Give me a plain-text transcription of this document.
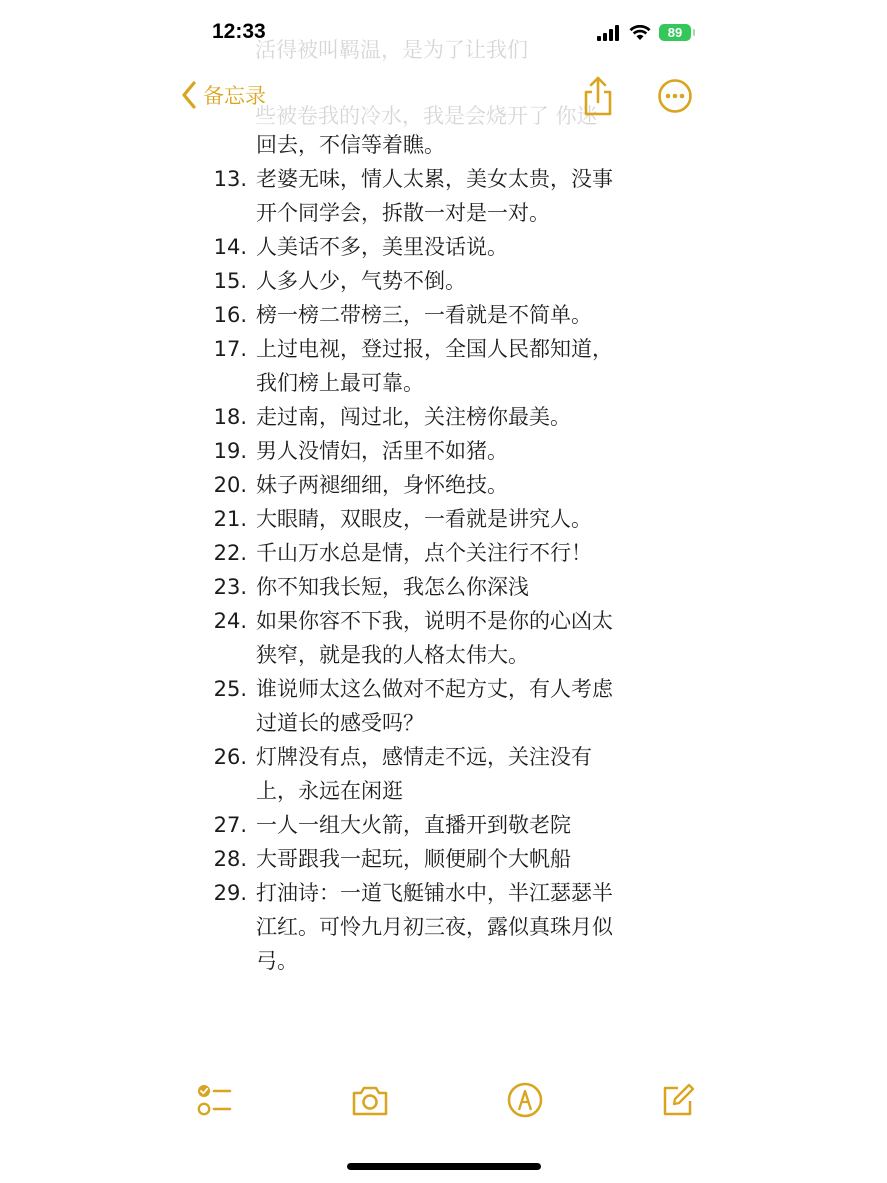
12:33	89
活得被叫羁温，是为了让我们
些被卷我的冷水，我是会烧开了 你迷
备忘录
回去，不信等着瞧。
13. 老婆无味，情人太累，美女太贵，没事
开个同学会，拆散一对是一对。
14. 人美话不多，美里没话说。
15. 人多人少，气势不倒。
16. 榜一榜二带榜三，一看就是不简单。
17. 上过电视，登过报，全国人民都知道，
我们榜上最可靠。
18. 走过南，闯过北，关注榜你最美。
19. 男人没情妇，活里不如猪。
20. 妹子两褪细细，身怀绝技。
21. 大眼睛，双眼皮，一看就是讲究人。
22. 千山万水总是情，点个关注行不行！
23. 你不知我长短，我怎么你深浅
24. 如果你容不下我，说明不是你的心凶太
狭窄，就是我的人格太伟大。
25. 谁说师太这么做对不起方丈，有人考虑
过道长的感受吗？
26. 灯牌没有点，感情走不远，关注没有
上，永远在闲逛
27. 一人一组大火箭，直播开到敬老院
28. 大哥跟我一起玩，顺便刷个大帆船
29. 打油诗：一道飞艇铺水中，半江瑟瑟半
江红。可怜九月初三夜，露似真珠月似
弓。
